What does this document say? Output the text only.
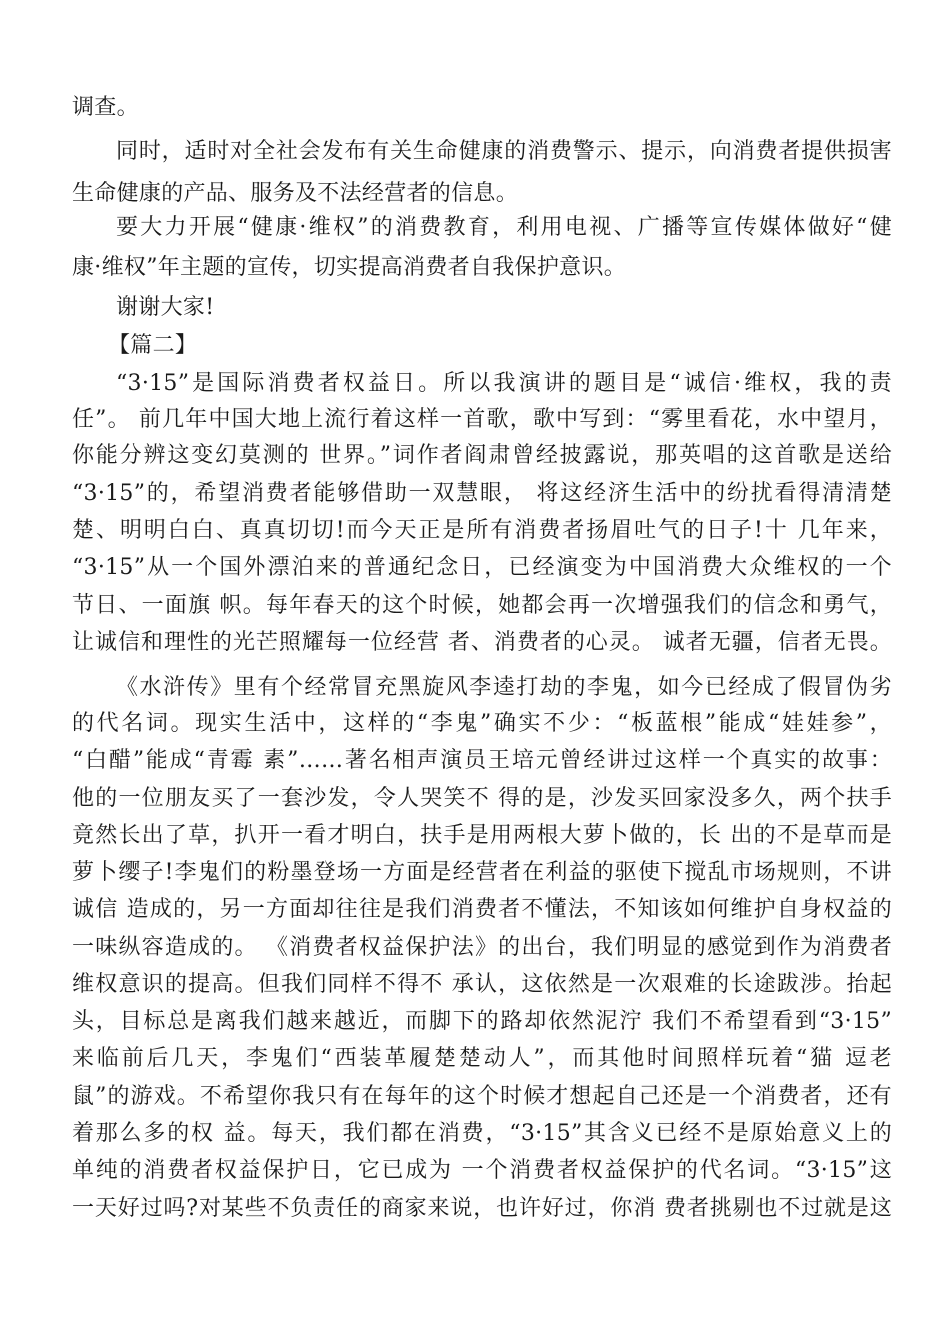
调查。
同时，适时对全社会发布有关生命健康的消费警示、提示，向消费者提供损害
生命健康的产品、服务及不法经营者的信息。
要大力开展“健康·维权”的消费教育，利用电视、广播等宣传媒体做好“健
康·维权”年主题的宣传，切实提高消费者自我保护意识。
谢谢大家!
【篇二】
“3·15”是国际消费者权益日。所以我演讲的题目是“诚信·维权，我的责
任”。 前几年中国大地上流行着这样一首歌，歌中写到：“雾里看花，水中望月，
你能分辨这变幻莫测的 世界。”词作者阎肃曾经披露说，那英唱的这首歌是送给
“3·15”的，希望消费者能够借助一双慧眼， 将这经济生活中的纷扰看得清清楚
楚、明明白白、真真切切!而今天正是所有消费者扬眉吐气的日子!十 几年来，
“3·15”从一个国外漂泊来的普通纪念日，已经演变为中国消费大众维权的一个
节日、一面旗 帜。每年春天的这个时候，她都会再一次增强我们的信念和勇气，
让诚信和理性的光芒照耀每一位经营 者、消费者的心灵。 诚者无疆，信者无畏。
《水浒传》里有个经常冒充黑旋风李逵打劫的李鬼，如今已经成了假冒伪劣
的代名词。现实生活中，这样的“李鬼”确实不少：“板蓝根”能成“娃娃参”，
“白醋”能成“青霉 素”……著名相声演员王培元曾经讲过这样一个真实的故事：
他的一位朋友买了一套沙发，令人哭笑不 得的是，沙发买回家没多久，两个扶手
竟然长出了草，扒开一看才明白，扶手是用两根大萝卜做的，长 出的不是草而是
萝卜缨子!李鬼们的粉墨登场一方面是经营者在利益的驱使下搅乱市场规则，不讲
诚信 造成的，另一方面却往往是我们消费者不懂法，不知该如何维护自身权益的
一味纵容造成的。 《消费者权益保护法》的出台，我们明显的感觉到作为消费者
维权意识的提高。但我们同样不得不 承认，这依然是一次艰难的长途跋涉。抬起
头，目标总是离我们越来越近，而脚下的路却依然泥泞 我们不希望看到“3·15”
来临前后几天，李鬼们“西装革履楚楚动人”，而其他时间照样玩着“猫 逗老
鼠”的游戏。不希望你我只有在每年的这个时候才想起自己还是一个消费者，还有
着那么多的权 益。每天，我们都在消费，“3·15”其含义已经不是原始意义上的
单纯的消费者权益保护日，它已成为 一个消费者权益保护的代名词。“3·15”这
一天好过吗?对某些不负责任的商家来说，也许好过，你消 费者挑剔也不过就是这
